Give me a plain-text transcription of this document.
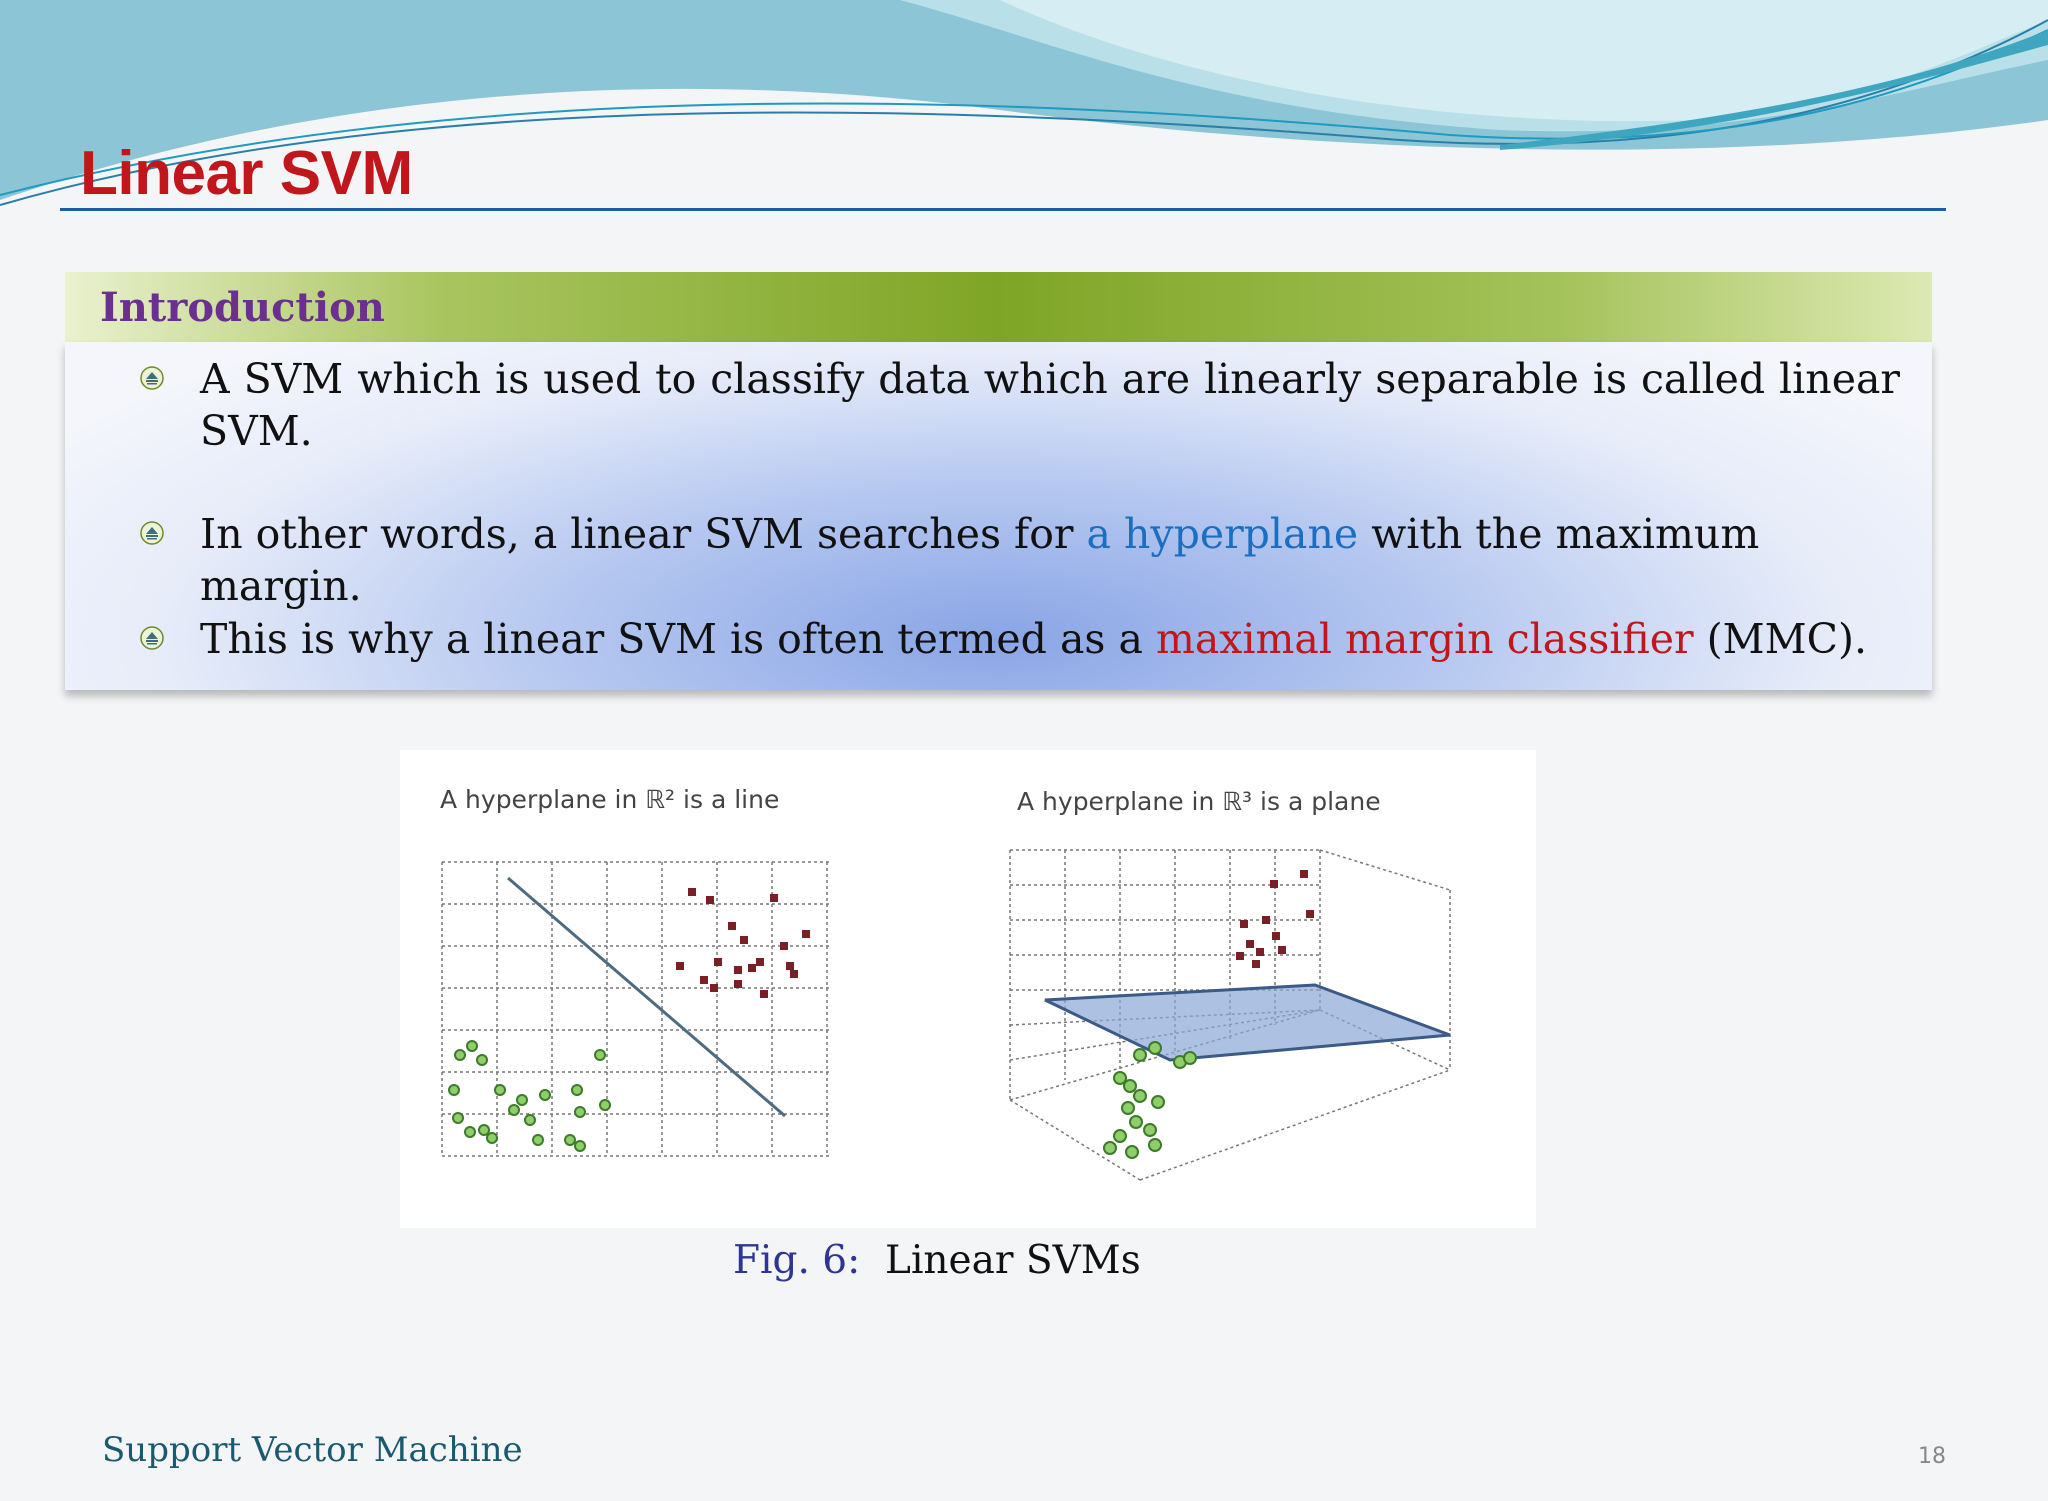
Linear SVM
Introduction
A SVM which is used to classify data which are linearly separable is called linear SVM.
In other words, a linear SVM searches for a hyperplane with the maximum margin.
This is why a linear SVM is often termed as a maximal margin classifier (MMC).
A hyperplane in ℝ² is a line	A hyperplane in ℝ³ is a plane
Fig. 6: Linear SVMs
Support Vector Machine	18
